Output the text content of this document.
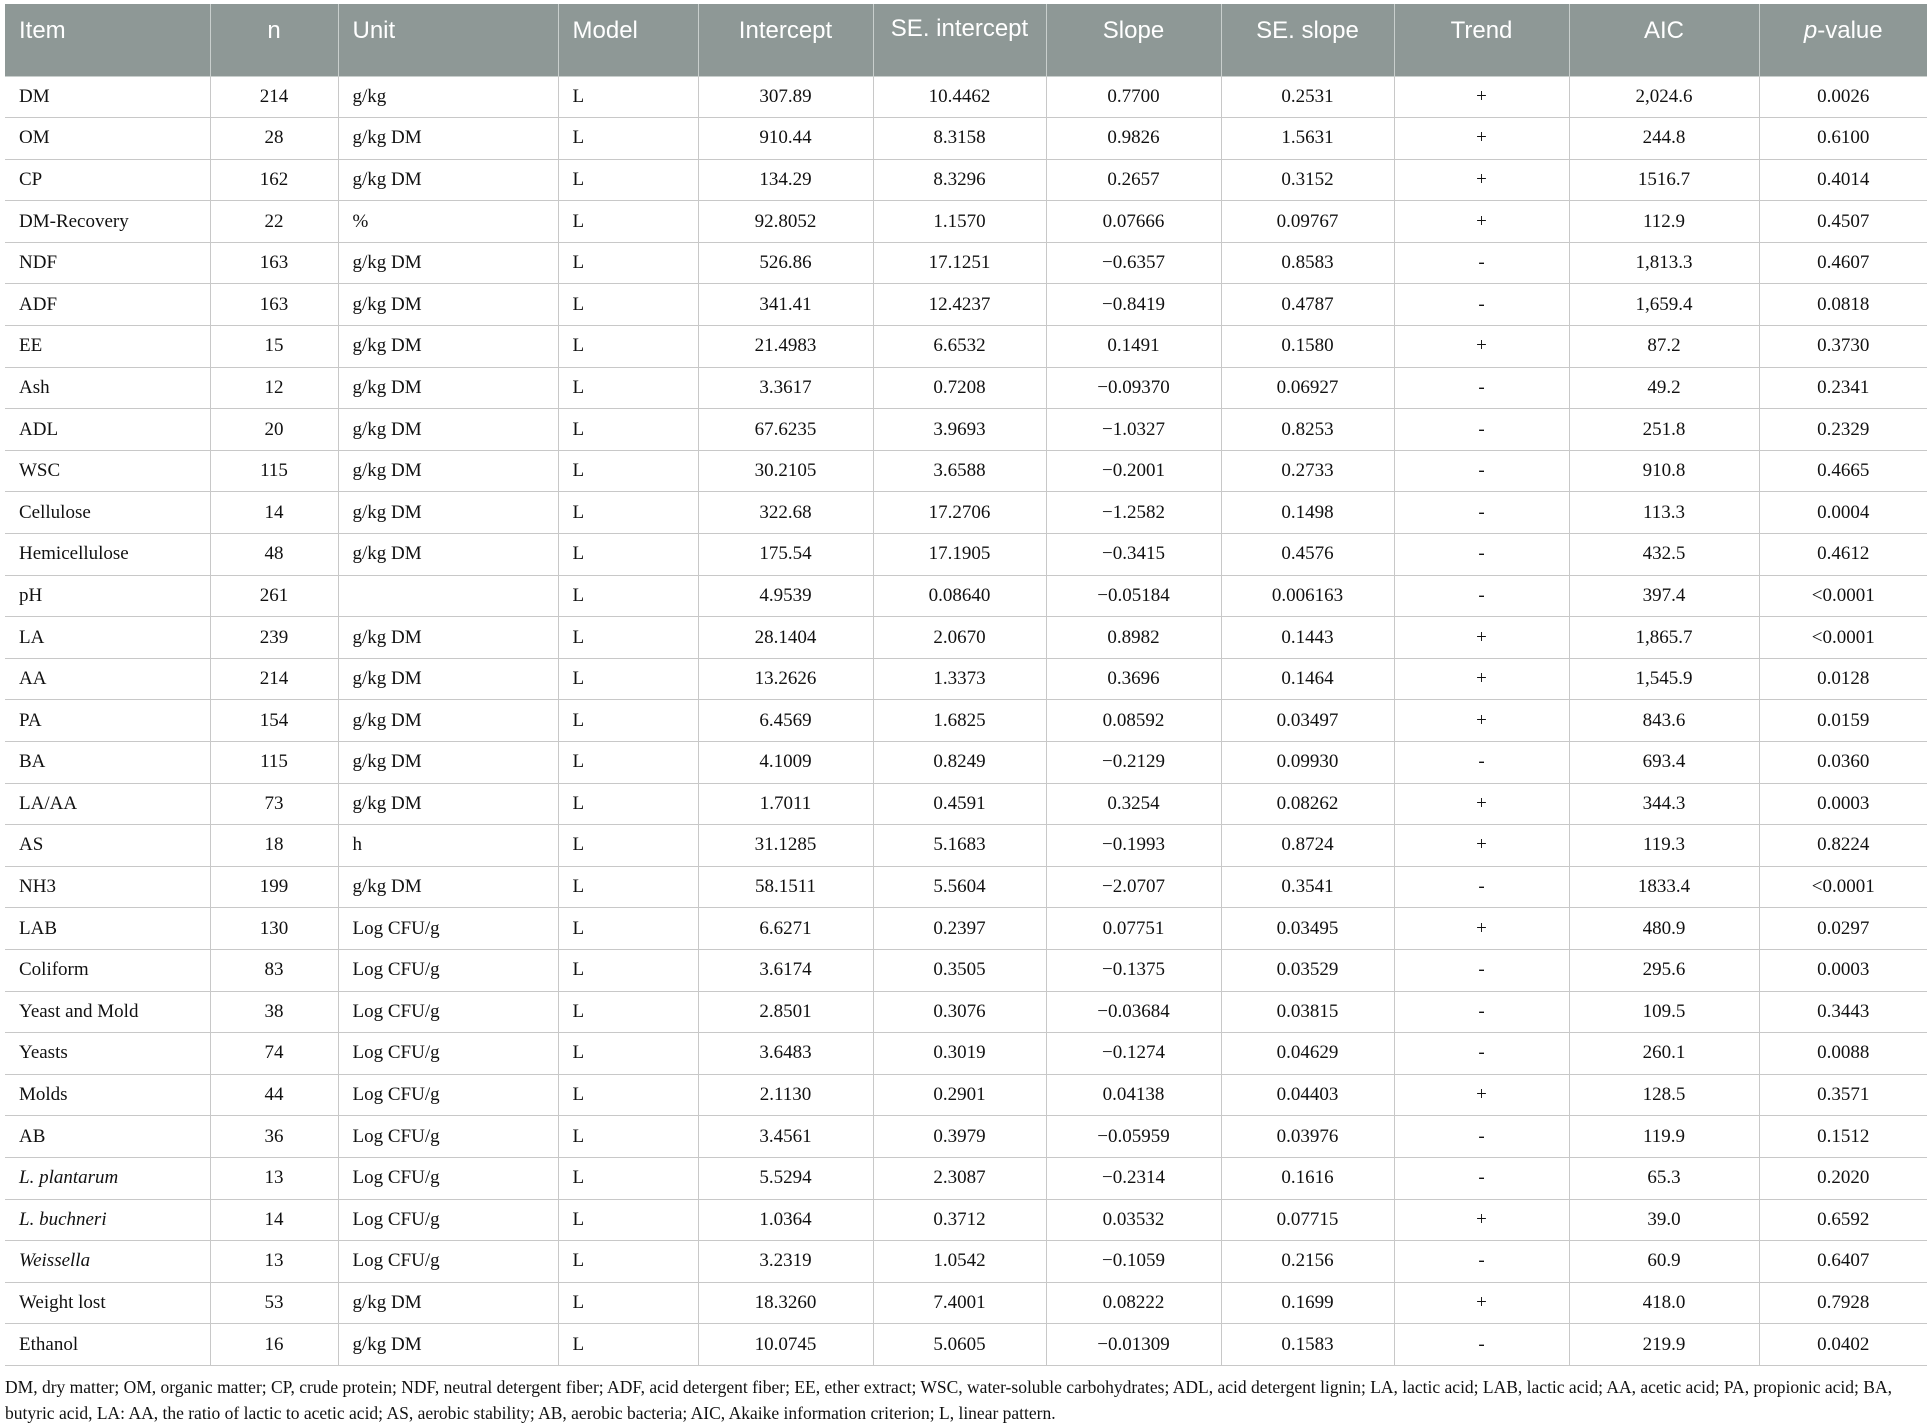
Item	n	Unit	Model	Intercept	SE. intercept	Slope	SE. slope	Trend	AIC	p-value
DM	214	g/kg	L	307.89	10.4462	0.7700	0.2531	+	2,024.6	0.0026
OM	28	g/kg DM	L	910.44	8.3158	0.9826	1.5631	+	244.8	0.6100
CP	162	g/kg DM	L	134.29	8.3296	0.2657	0.3152	+	1516.7	0.4014
DM-Recovery	22	%	L	92.8052	1.1570	0.07666	0.09767	+	112.9	0.4507
NDF	163	g/kg DM	L	526.86	17.1251	−0.6357	0.8583	-	1,813.3	0.4607
ADF	163	g/kg DM	L	341.41	12.4237	−0.8419	0.4787	-	1,659.4	0.0818
EE	15	g/kg DM	L	21.4983	6.6532	0.1491	0.1580	+	87.2	0.3730
Ash	12	g/kg DM	L	3.3617	0.7208	−0.09370	0.06927	-	49.2	0.2341
ADL	20	g/kg DM	L	67.6235	3.9693	−1.0327	0.8253	-	251.8	0.2329
WSC	115	g/kg DM	L	30.2105	3.6588	−0.2001	0.2733	-	910.8	0.4665
Cellulose	14	g/kg DM	L	322.68	17.2706	−1.2582	0.1498	-	113.3	0.0004
Hemicellulose	48	g/kg DM	L	175.54	17.1905	−0.3415	0.4576	-	432.5	0.4612
pH	261		L	4.9539	0.08640	−0.05184	0.006163	-	397.4	<0.0001
LA	239	g/kg DM	L	28.1404	2.0670	0.8982	0.1443	+	1,865.7	<0.0001
AA	214	g/kg DM	L	13.2626	1.3373	0.3696	0.1464	+	1,545.9	0.0128
PA	154	g/kg DM	L	6.4569	1.6825	0.08592	0.03497	+	843.6	0.0159
BA	115	g/kg DM	L	4.1009	0.8249	−0.2129	0.09930	-	693.4	0.0360
LA/AA	73	g/kg DM	L	1.7011	0.4591	0.3254	0.08262	+	344.3	0.0003
AS	18	h	L	31.1285	5.1683	−0.1993	0.8724	+	119.3	0.8224
NH3	199	g/kg DM	L	58.1511	5.5604	−2.0707	0.3541	-	1833.4	<0.0001
LAB	130	Log CFU/g	L	6.6271	0.2397	0.07751	0.03495	+	480.9	0.0297
Coliform	83	Log CFU/g	L	3.6174	0.3505	−0.1375	0.03529	-	295.6	0.0003
Yeast and Mold	38	Log CFU/g	L	2.8501	0.3076	−0.03684	0.03815	-	109.5	0.3443
Yeasts	74	Log CFU/g	L	3.6483	0.3019	−0.1274	0.04629	-	260.1	0.0088
Molds	44	Log CFU/g	L	2.1130	0.2901	0.04138	0.04403	+	128.5	0.3571
AB	36	Log CFU/g	L	3.4561	0.3979	−0.05959	0.03976	-	119.9	0.1512
L. plantarum	13	Log CFU/g	L	5.5294	2.3087	−0.2314	0.1616	-	65.3	0.2020
L. buchneri	14	Log CFU/g	L	1.0364	0.3712	0.03532	0.07715	+	39.0	0.6592
Weissella	13	Log CFU/g	L	3.2319	1.0542	−0.1059	0.2156	-	60.9	0.6407
Weight lost	53	g/kg DM	L	18.3260	7.4001	0.08222	0.1699	+	418.0	0.7928
Ethanol	16	g/kg DM	L	10.0745	5.0605	−0.01309	0.1583	-	219.9	0.0402
DM, dry matter; OM, organic matter; CP, crude protein; NDF, neutral detergent fiber; ADF, acid detergent fiber; EE, ether extract; WSC, water-soluble carbohydrates; ADL, acid detergent lignin; LA, lactic acid; LAB, lactic acid; AA, acetic acid; PA, propionic acid; BA, butyric acid, LA: AA, the ratio of lactic to acetic acid; AS, aerobic stability; AB, aerobic bacteria; AIC, Akaike information criterion; L, linear pattern.
